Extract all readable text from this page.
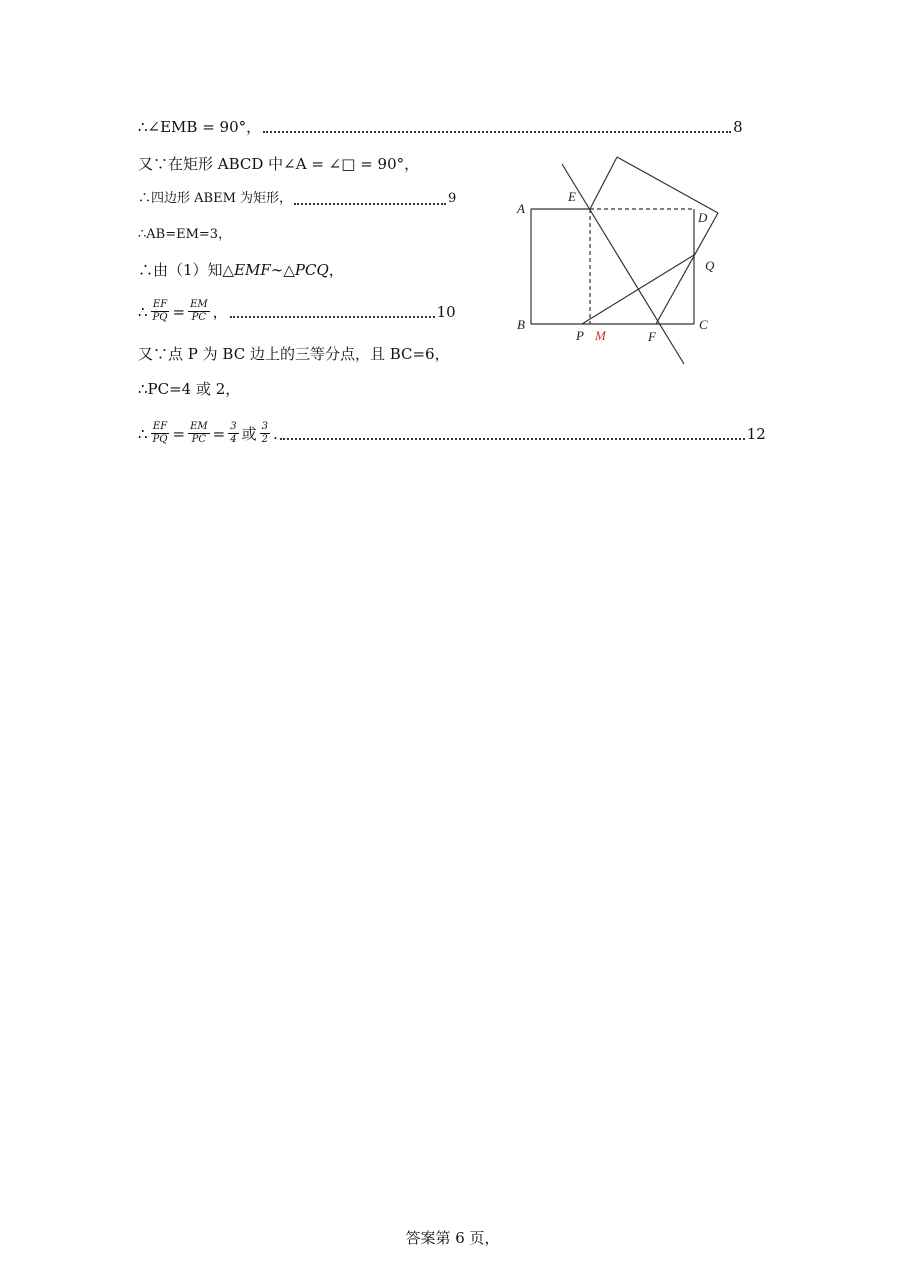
∴∠EMB = 90°，	8
又∵在矩形 ABCD 中∠A = ∠□ = 90°，
∴四边形 ABEM 为矩形，	9
∴AB=EM=3，
∴由（1）知 △EMF∼△PCQ ，
∴ $\frac{EF}{PQ} = \frac{EM}{PC}$ ，	10
又∵点 P 为 BC 边上的三等分点，且 BC=6，
∴PC=4 或 2，
∴ $\frac{EF}{PQ} = \frac{EM}{PC} = \frac{3}{4}$ 或 $\frac{3}{2}$ .	12
A
B	C
D
E
F
P
Q
M
答案第 6 页，
